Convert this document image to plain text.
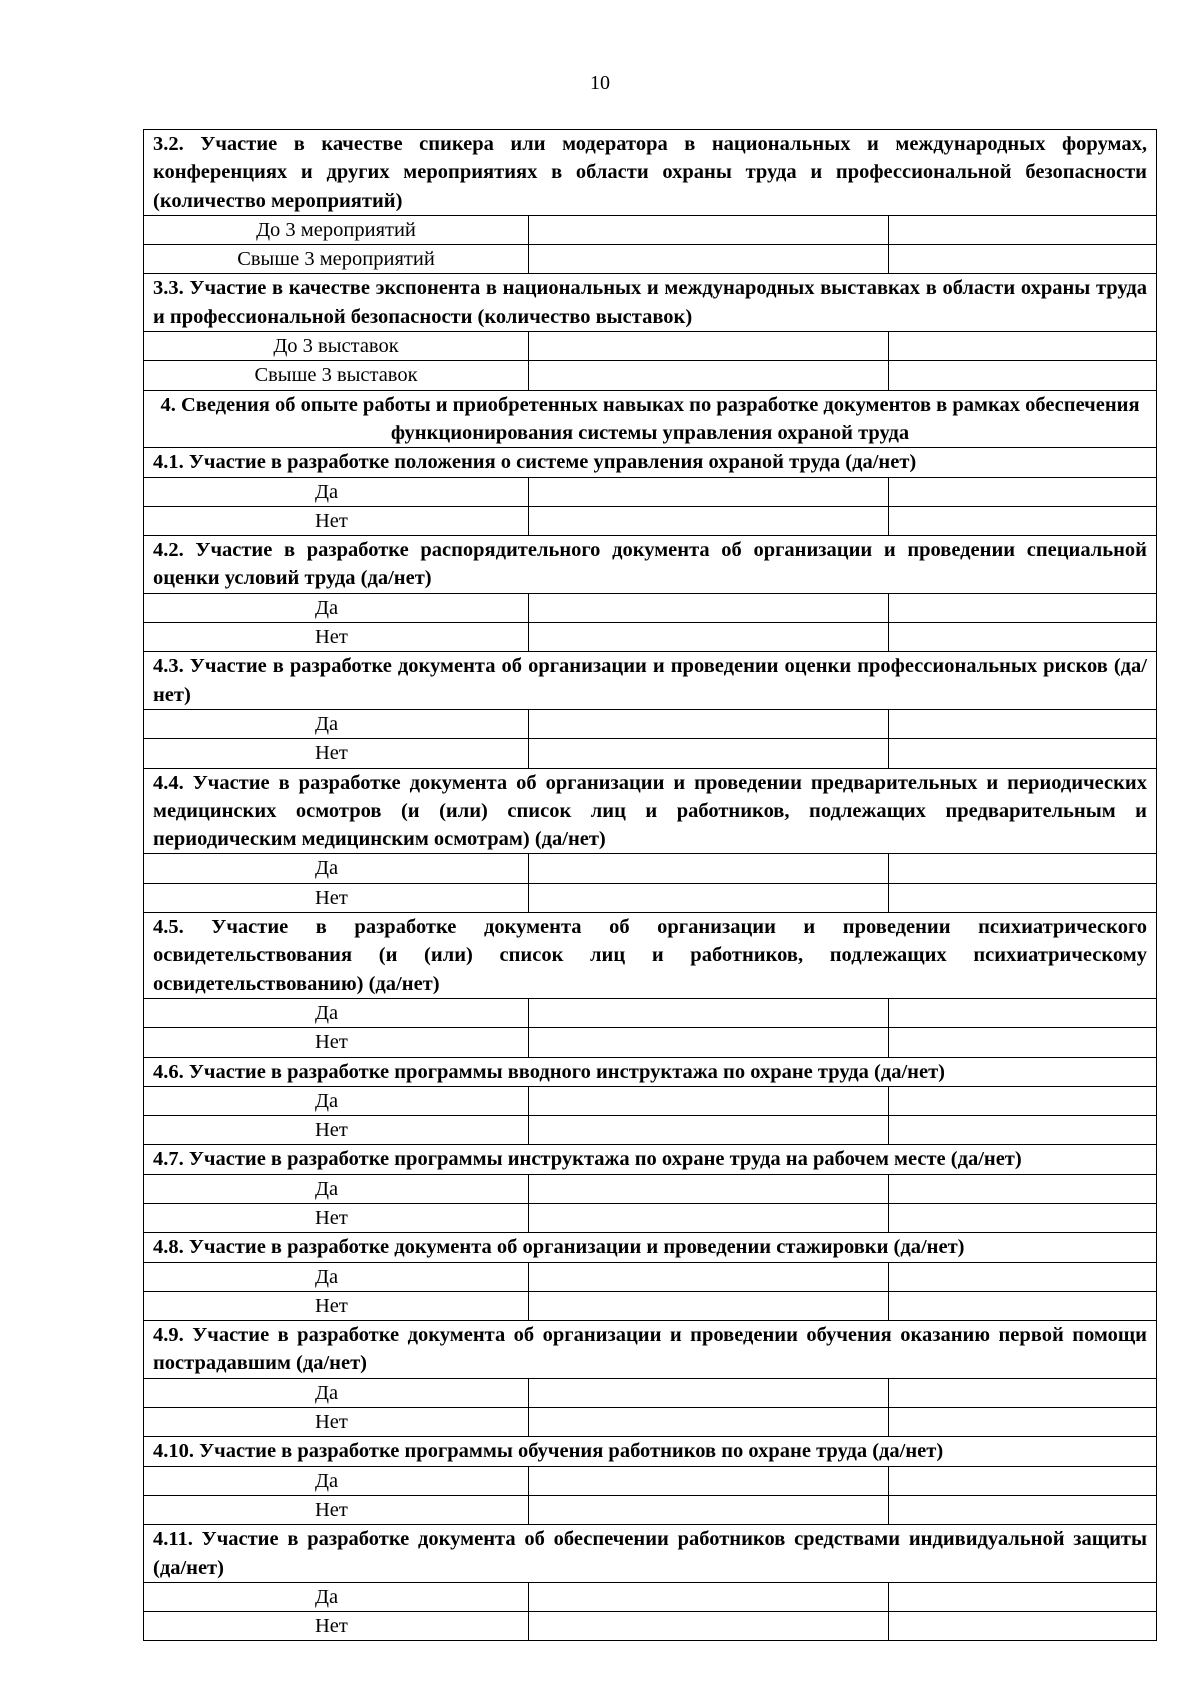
10
3.2. Участие в качестве спикера или модератора в национальных и международных форумах, конференциях и других мероприятиях в области охраны труда и профессиональной безопасности (количество мероприятий)		
До 3 мероприятий		
Свыше 3 мероприятий		
3.3. Участие в качестве экспонента в национальных и международных выставках в области охраны труда и профессиональной безопасности (количество выставок)		
До 3 выставок		
Свыше 3 выставок		
4. Сведения об опыте работы и приобретенных навыках по разработке документов в рамках обеспечения функционирования системы управления охраной труда		
4.1. Участие в разработке положения о системе управления охраной труда (да/нет)		
Да		
Нет		
4.2. Участие в разработке распорядительного документа об организации и проведении специальной оценки условий труда (да/нет)		
Да		
Нет		
4.3. Участие в разработке документа об организации и проведении оценки профессиональных рисков (да/нет)		
Да		
Нет		
4.4. Участие в разработке документа об организации и проведении предварительных и периодических медицинских осмотров (и (или) список лиц и работников, подлежащих предварительным и периодическим медицинским осмотрам) (да/нет)		
Да		
Нет		
4.5. Участие в разработке документа об организации и проведении психиатрического освидетельствования (и (или) список лиц и работников, подлежащих психиатрическому освидетельствованию) (да/нет)		
Да		
Нет		
4.6. Участие в разработке программы вводного инструктажа по охране труда (да/нет)		
Да		
Нет		
4.7. Участие в разработке программы инструктажа по охране труда на рабочем месте (да/нет)		
Да		
Нет		
4.8. Участие в разработке документа об организации и проведении стажировки (да/нет)		
Да		
Нет		
4.9. Участие в разработке документа об организации и проведении обучения оказанию первой помощи пострадавшим (да/нет)		
Да		
Нет		
4.10. Участие в разработке программы обучения работников по охране труда (да/нет)		
Да		
Нет		
4.11. Участие в разработке документа об обеспечении работников средствами индивидуальной защиты (да/нет)		
Да		
Нет		
